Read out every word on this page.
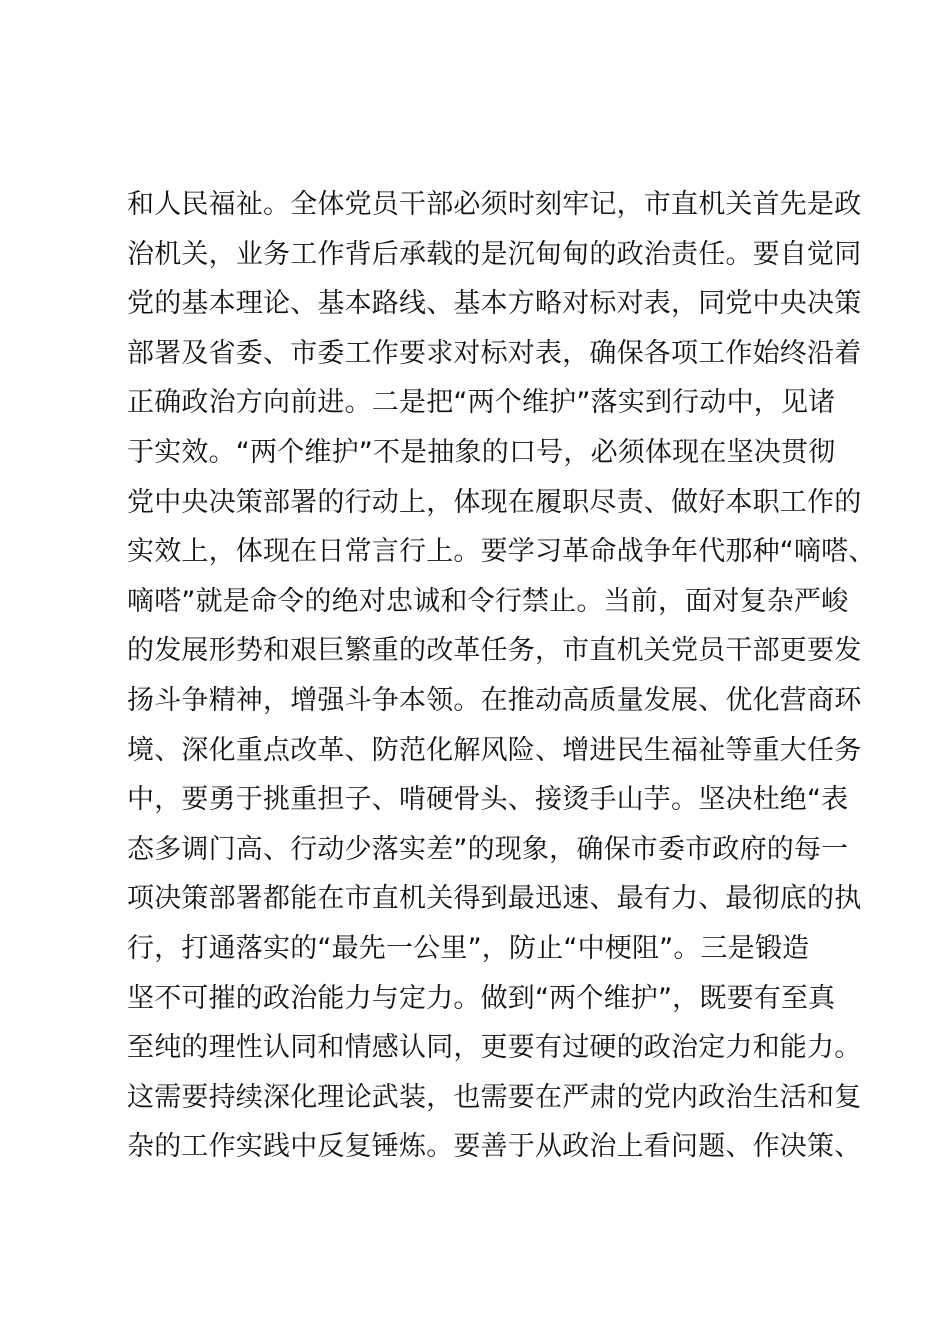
和人民福祉。全体党员干部必须时刻牢记，市直机关首先是政
治机关，业务工作背后承载的是沉甸甸的政治责任。要自觉同
党的基本理论、基本路线、基本方略对标对表，同党中央决策
部署及省委、市委工作要求对标对表，确保各项工作始终沿着
正确政治方向前进。二是把“两个维护”落实到行动中，见诸
于实效。“两个维护”不是抽象的口号，必须体现在坚决贯彻
党中央决策部署的行动上，体现在履职尽责、做好本职工作的
实效上，体现在日常言行上。要学习革命战争年代那种“嘀嗒、
嘀嗒”就是命令的绝对忠诚和令行禁止。当前，面对复杂严峻
的发展形势和艰巨繁重的改革任务，市直机关党员干部更要发
扬斗争精神，增强斗争本领。在推动高质量发展、优化营商环
境、深化重点改革、防范化解风险、增进民生福祉等重大任务
中，要勇于挑重担子、啃硬骨头、接烫手山芋。坚决杜绝“表
态多调门高、行动少落实差”的现象，确保市委市政府的每一
项决策部署都能在市直机关得到最迅速、最有力、最彻底的执
行，打通落实的“最先一公里”，防止“中梗阻”。三是锻造
坚不可摧的政治能力与定力。做到“两个维护”，既要有至真
至纯的理性认同和情感认同，更要有过硬的政治定力和能力。
这需要持续深化理论武装，也需要在严肃的党内政治生活和复
杂的工作实践中反复锤炼。要善于从政治上看问题、作决策、
